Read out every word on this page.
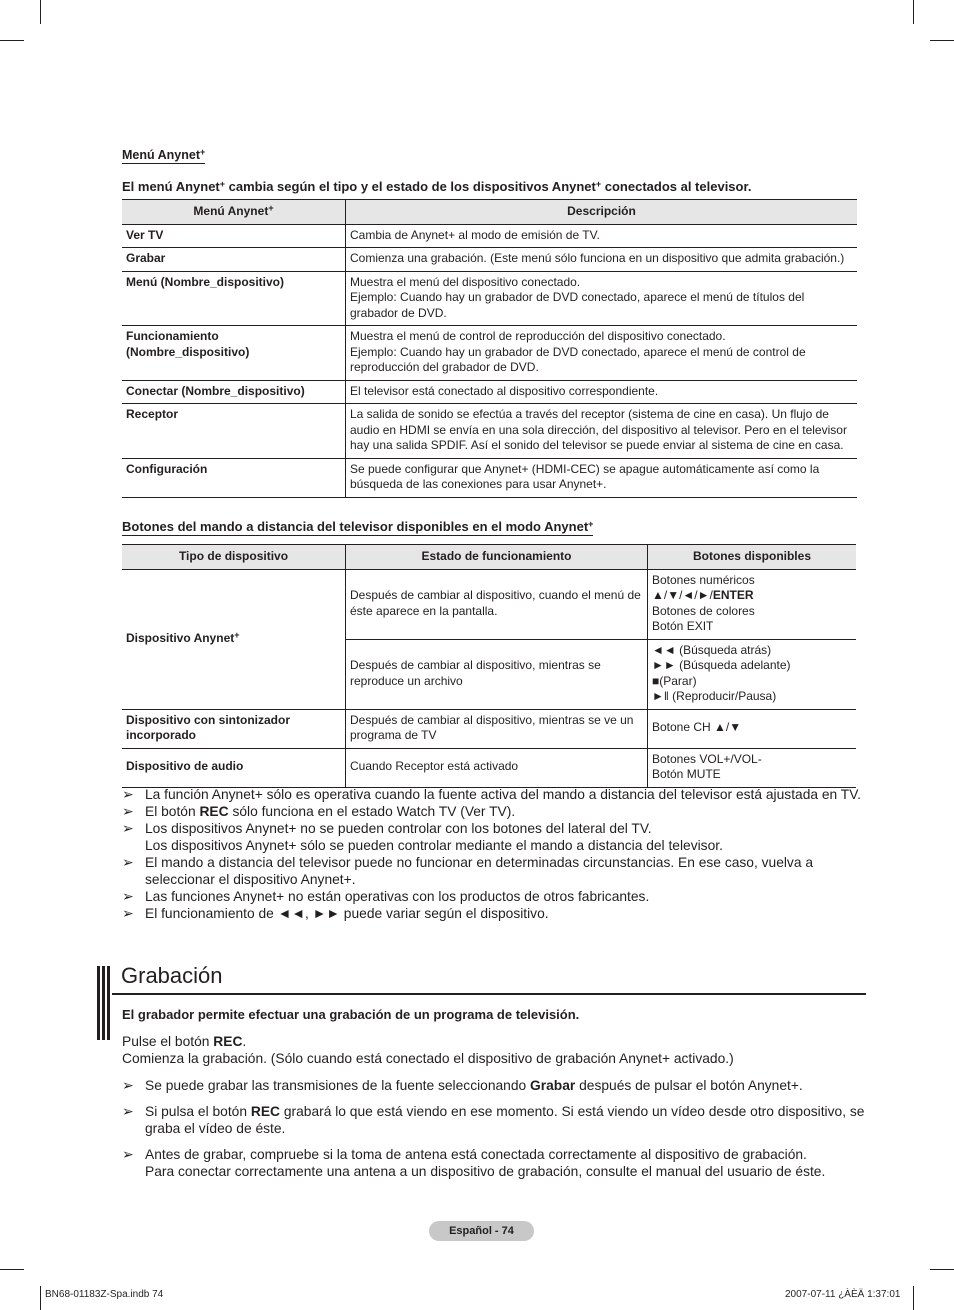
Menú Anynet+
El menú Anynet+ cambia según el tipo y el estado de los dispositivos Anynet+ conectados al televisor.
Menú Anynet+	Descripción
Ver TV	Cambia de Anynet+ al modo de emisión de TV.
Grabar	Comienza una grabación. (Este menú sólo funciona en un dispositivo que admita grabación.)
Menú (Nombre_dispositivo)	Muestra el menú del dispositivo conectado.
Ejemplo: Cuando hay un grabador de DVD conectado, aparece el menú de títulos del grabador de DVD.

Funcionamiento (Nombre_dispositivo)	Muestra el menú de control de reproducción del dispositivo conectado.
Ejemplo: Cuando hay un grabador de DVD conectado, aparece el menú de control de reproducción del grabador de DVD.

Conectar (Nombre_dispositivo)	El televisor está conectado al dispositivo correspondiente.
Receptor	La salida de sonido se efectúa a través del receptor (sistema de cine en casa). Un flujo de audio en HDMI se envía en una sola dirección, del dispositivo al televisor. Pero en el televisor hay una salida SPDIF. Así el sonido del televisor se puede enviar al sistema de cine en casa.
Configuración	Se puede configurar que Anynet+ (HDMI-CEC) se apague automáticamente así como la búsqueda de las conexiones para usar Anynet+.
Botones del mando a distancia del televisor disponibles en el modo Anynet+
Tipo de dispositivo	Estado de funcionamiento	Botones disponibles
Dispositivo Anynet+	Después de cambiar al dispositivo, cuando el menú de éste aparece en la pantalla.	Botones numéricos
▲/▼/◄/►/ENTER
Botones de colores
Botón EXIT

	Después de cambiar al dispositivo, mientras se reproduce un archivo	◄◄ (Búsqueda atrás)
►► (Búsqueda adelante)
■(Parar)
►‖ (Reproducir/Pausa)

Dispositivo con sintonizador incorporado	Después de cambiar al dispositivo, mientras se ve un programa de TV	Botone CH ▲/▼
Dispositivo de audio	Cuando Receptor está activado	Botones VOL+/VOL-
Botón MUTE
➢ La función Anynet+ sólo es operativa cuando la fuente activa del mando a distancia del televisor está ajustada en TV.
➢ El botón REC sólo funciona en el estado Watch TV (Ver TV).
➢ Los dispositivos Anynet+ no se pueden controlar con los botones del lateral del TV.
Los dispositivos Anynet+ sólo se pueden controlar mediante el mando a distancia del televisor.
➢ El mando a distancia del televisor puede no funcionar en determinadas circunstancias. En ese caso, vuelva a seleccionar el dispositivo Anynet+.
➢ Las funciones Anynet+ no están operativas con los productos de otros fabricantes.
➢ El funcionamiento de ◄◄, ►► puede variar según el dispositivo.
Grabación
El grabador permite efectuar una grabación de un programa de televisión.
Pulse el botón REC.
Comienza la grabación. (Sólo cuando está conectado el dispositivo de grabación Anynet+ activado.)
➢ Se puede grabar las transmisiones de la fuente seleccionando Grabar después de pulsar el botón Anynet+.
➢ Si pulsa el botón REC grabará lo que está viendo en ese momento. Si está viendo un vídeo desde otro dispositivo, se graba el vídeo de éste.
➢ Antes de grabar, compruebe si la toma de antena está conectada correctamente al dispositivo de grabación.
Para conectar correctamente una antena a un dispositivo de grabación, consulte el manual del usuario de éste.
Español - 74
BN68-01183Z-Spa.indb 74	2007-07-11 ¿ÀÈÄ 1:37:01
